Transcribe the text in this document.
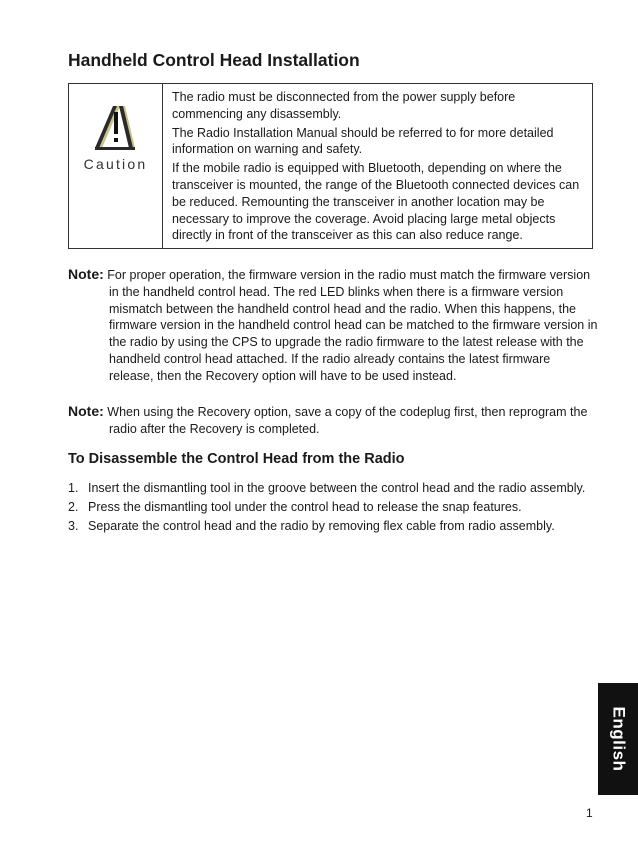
Handheld Control Head Installation
Caution

The radio must be disconnected from the power supply before commencing any disassembly.

The Radio Installation Manual should be referred to for more detailed information on warning and safety.

If the mobile radio is equipped with Bluetooth, depending on where the transceiver is mounted, the range of the Bluetooth connected devices can be reduced. Remounting the transceiver in another location may be necessary to improve the coverage. Avoid placing large metal objects directly in front of the transceiver as this can also reduce range.

Note: For proper operation, the firmware version in the radio must match the firmware version in the handheld control head. The red LED blinks when there is a firmware version mismatch between the handheld control head and the radio. When this happens, the firmware version in the handheld control head can be matched to the firmware version in the radio by using the CPS to upgrade the radio firmware to the latest release with the handheld control head attached. If the radio already contains the latest firmware release, then the Recovery option will have to be used instead.
Note: When using the Recovery option, save a copy of the codeplug first, then reprogram the radio after the Recovery is completed.
To Disassemble the Control Head from the Radio
1. Insert the dismantling tool in the groove between the control head and the radio assembly.
2. Press the dismantling tool under the control head to release the snap features.
3. Separate the control head and the radio by removing flex cable from radio assembly.
English
1
